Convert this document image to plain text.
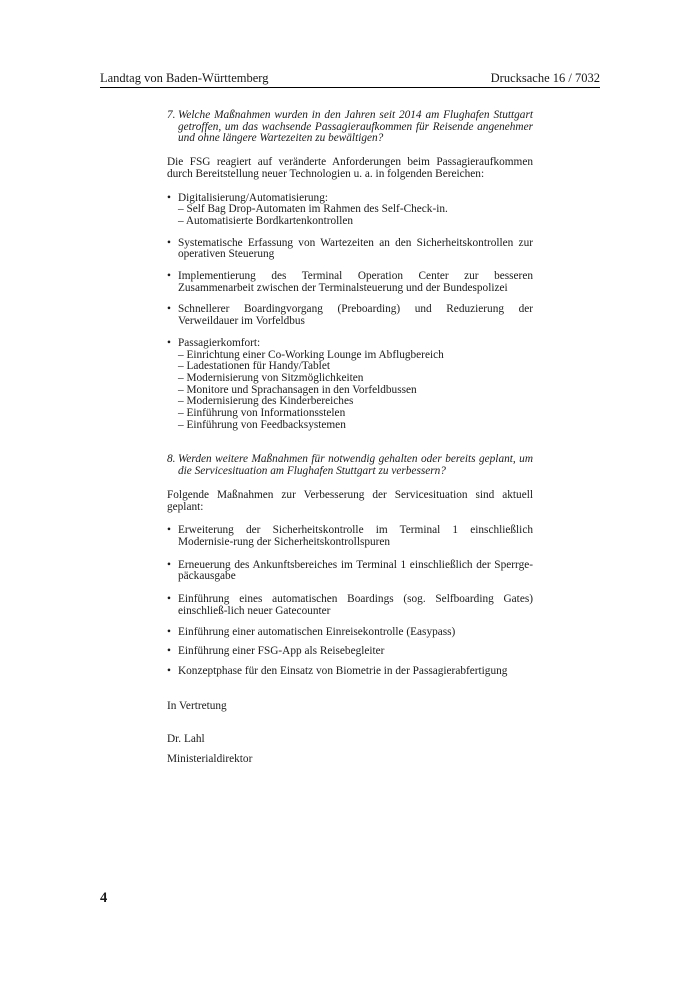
Landtag von Baden-Württemberg	Drucksache 16 / 7032
7. Welche Maßnahmen wurden in den Jahren seit 2014 am Flughafen Stuttgart getroffen, um das wachsende Passagieraufkommen für Reisende angenehmer und ohne längere Wartezeiten zu bewältigen?

Die FSG reagiert auf veränderte Anforderungen beim Passagieraufkommen durch Bereitstellung neuer Technologien u. a. in folgenden Bereichen:

• Digitalisierung/Automatisierung:
– Self Bag Drop-Automaten im Rahmen des Self-Check-in.
– Automatisierte Bordkartenkontrollen
• Systematische Erfassung von Wartezeiten an den Sicherheitskontrollen zur operativen Steuerung
• Implementierung des Terminal Operation Center zur besseren Zusammenarbeit zwischen der Terminalsteuerung und der Bundespolizei
• Schnellerer Boardingvorgang (Preboarding) und Reduzierung der Verweildauer im Vorfeldbus
• Passagierkomfort:
– Einrichtung einer Co-Working Lounge im Abflugbereich
– Ladestationen für Handy/Tablet
– Modernisierung von Sitzmöglichkeiten
– Monitore und Sprachansagen in den Vorfeldbussen
– Modernisierung des Kinderbereiches
– Einführung von Informationsstelen
– Einführung von Feedbacksystemen
8. Werden weitere Maßnahmen für notwendig gehalten oder bereits geplant, um die Servicesituation am Flughafen Stuttgart zu verbessern?

Folgende Maßnahmen zur Verbesserung der Servicesituation sind aktuell geplant:

• Erweiterung der Sicherheitskontrolle im Terminal 1 einschließlich Modernisie-rung der Sicherheitskontrollspuren
• Erneuerung des Ankunftsbereiches im Terminal 1 einschließlich der Sperrge-päckausgabe
• Einführung eines automatischen Boardings (sog. Selfboarding Gates) einschließ-lich neuer Gatecounter
• Einführung einer automatischen Einreisekontrolle (Easypass)
• Einführung einer FSG-App als Reisebegleiter
• Konzeptphase für den Einsatz von Biometrie in der Passagierabfertigung

In Vertretung

Dr. Lahl

Ministerialdirektor

4
